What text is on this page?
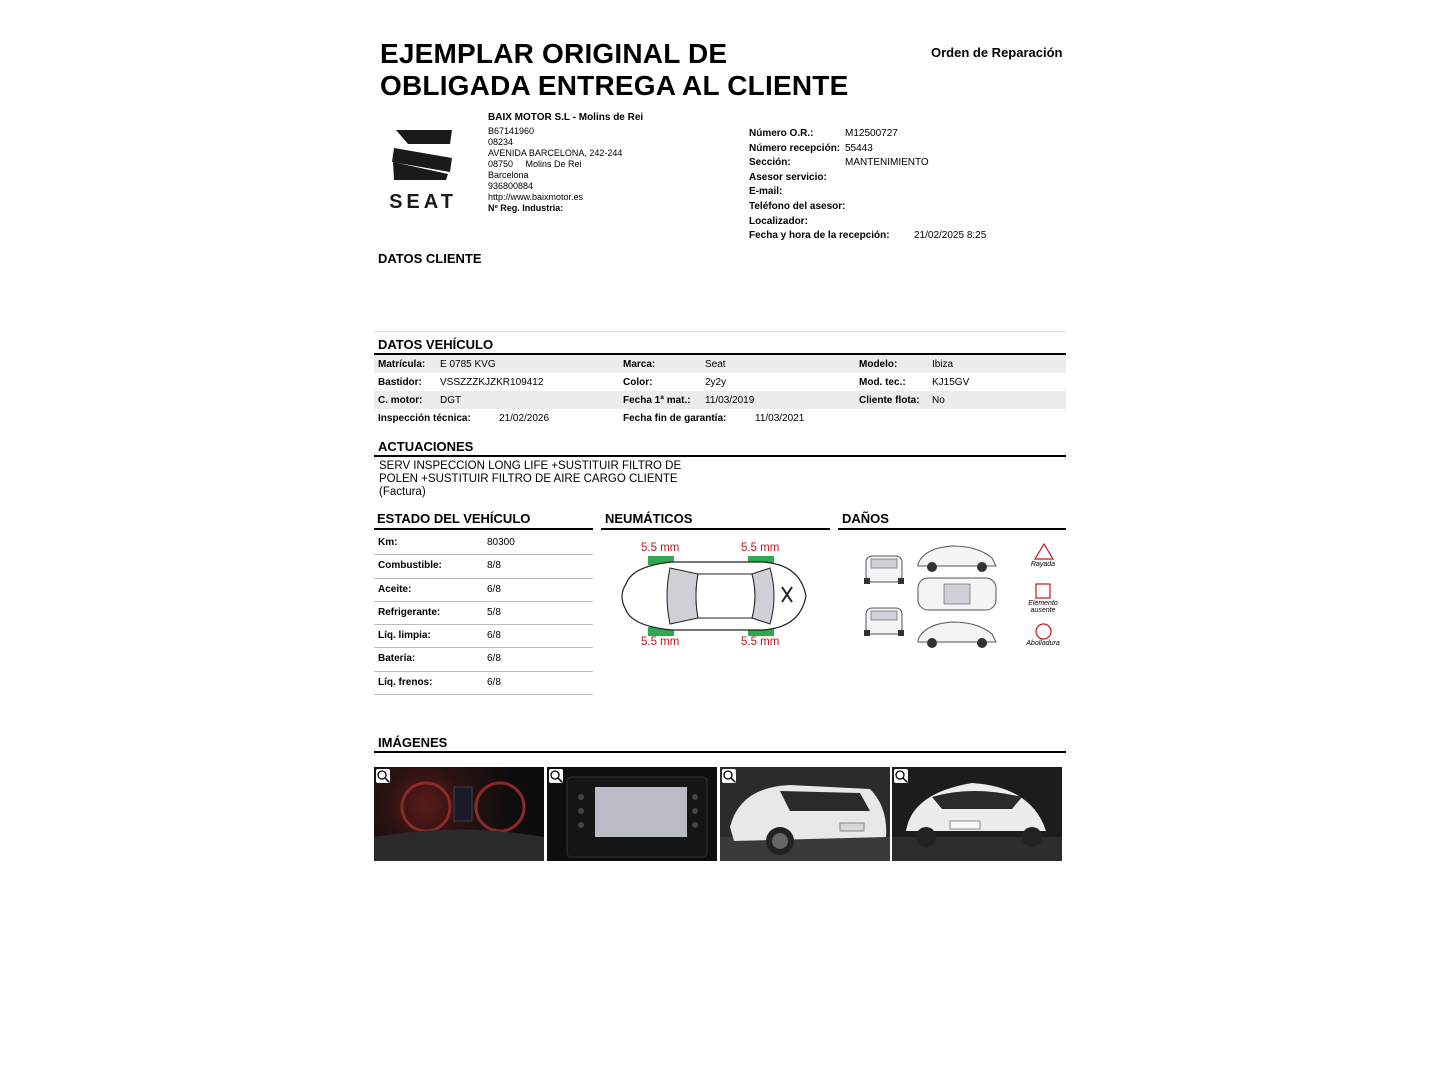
EJEMPLAR ORIGINAL DE
OBLIGADA ENTREGA AL CLIENTE
Orden de Reparación
SEAT
BAIX MOTOR S.L - Molins de Rei
B67141960
08234
AVENIDA BARCELONA, 242-244
08750 Molins De Rei
Barcelona
936800884
http://www.baixmotor.es
Nº Reg. Industria:
Número O.R.:	M12500727
Número recepción: 55443
Sección:	MANTENIMIENTO
Asesor servicio:
E-mail:
Teléfono del asesor:
Localizador:
Fecha y hora de la recepción:	21/02/2025 8:25
DATOS CLIENTE
DATOS VEHÍCULO
Matrícula: E 0785 KVG	Marca:	Seat	Modelo:	Ibiza
Bastidor: VSSZZZKJZKR109412	Color:	2y2y	Mod. tec.:	KJ15GV
C. motor: DGT	Fecha 1ª mat.: 11/03/2019	Cliente flota: No
Inspección técnica:	21/02/2026	Fecha fin de garantía:	11/03/2021
ACTUACIONES
SERV INSPECCION LONG LIFE +SUSTITUIR FILTRO DE
POLEN +SUSTITUIR FILTRO DE AIRE CARGO CLIENTE
(Factura)
ESTADO DEL VEHÍCULO	NEUMÁTICOS	DAÑOS
Km:	80300
Combustible:	8/8
Aceite:	6/8
Refrigerante:	5/8
Líq. limpia:	6/8
Batería:	6/8
Líq. frenos:	6/8
5.5 mm	5.5 mm
5.5 mm	5.5 mm
Rayada
Elemento
ausente
Abolladura
IMÁGENES
